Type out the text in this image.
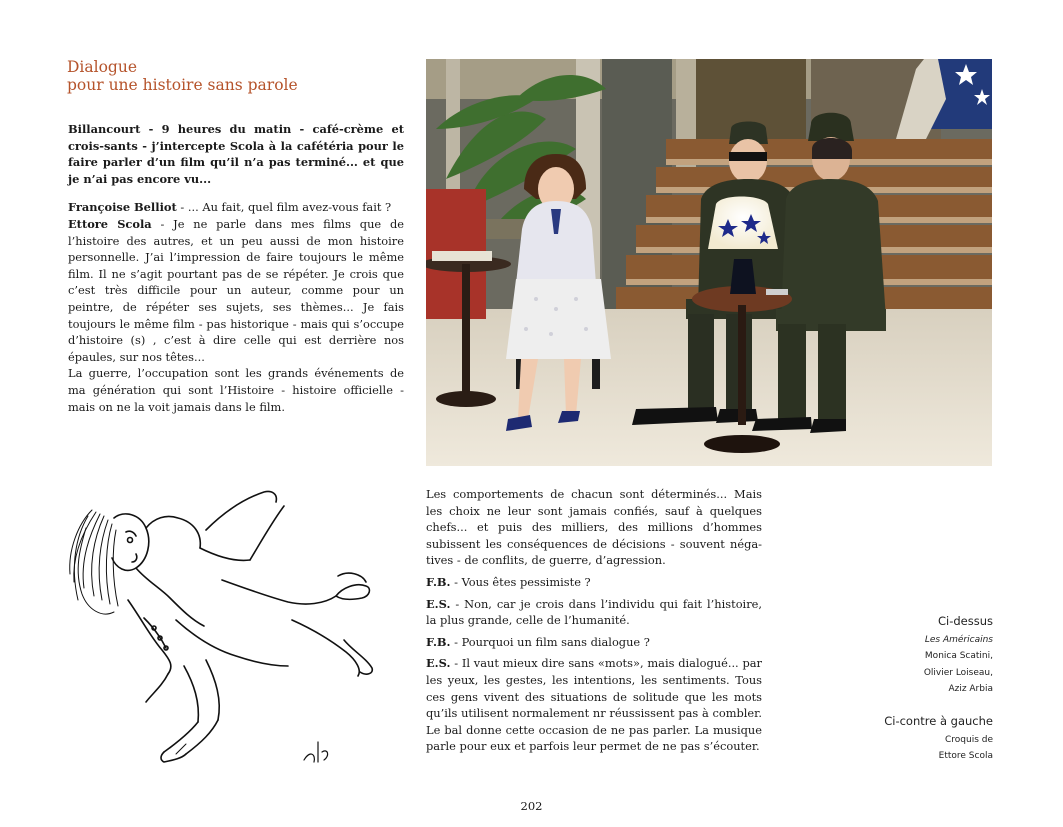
Dialogue
pour une histoire sans parole

Billancourt - 9 heures du matin - café-crème et crois-sants - j’intercepte Scola à la cafétéria pour le faire parler d’un film qu’il n’a pas terminé... et que je n’ai pas encore vu...

Françoise Belliot - ... Au fait, quel film avez-vous fait ?
Ettore Scola - Je ne parle dans mes films que de l’histoire des autres, et un peu aussi de mon histoire personnelle. J’ai l’impression de faire toujours le même film. Il ne s’agit pourtant pas de se répéter. Je crois que c’est très difficile pour un auteur, comme pour un peintre, de répéter ses sujets, ses thèmes... Je fais toujours le même film - pas historique - mais qui s’occupe d’histoire (s) , c’est à dire celle qui est derrière nos épaules, sur nos têtes...
La guerre, l’occupation sont les grands événements de ma génération qui sont l’Histoire - histoire officielle - mais on ne la voit jamais dans le film.

Les comportements de chacun sont déterminés... Mais les choix ne leur sont jamais confiés, sauf à quelques chefs... et puis des milliers, des millions d’hommes subissent les conséquences de décisions - souvent néga-tives - de conflits, de guerre, d’agression.

F.B. - Vous êtes pessimiste ?

E.S. - Non, car je crois dans l’individu qui fait l’histoire, la plus grande, celle de l’humanité.

F.B. - Pourquoi un film sans dialogue ?

E.S. - Il vaut mieux dire sans «mots», mais dialogué... par les yeux, les gestes, les intentions, les sentiments. Tous ces gens vivent des situations de solitude que les mots qu’ils utilisent normalement nr réussissent pas à combler. Le bal donne cette occasion de ne pas parler. La musique parle pour eux et parfois leur permet de ne pas s’écouter.

Ci-dessus
Les Américains
Monica Scatini,
Olivier Loiseau,
Aziz Arbia
Ci-contre à gauche
Croquis de
Ettore Scola
202
